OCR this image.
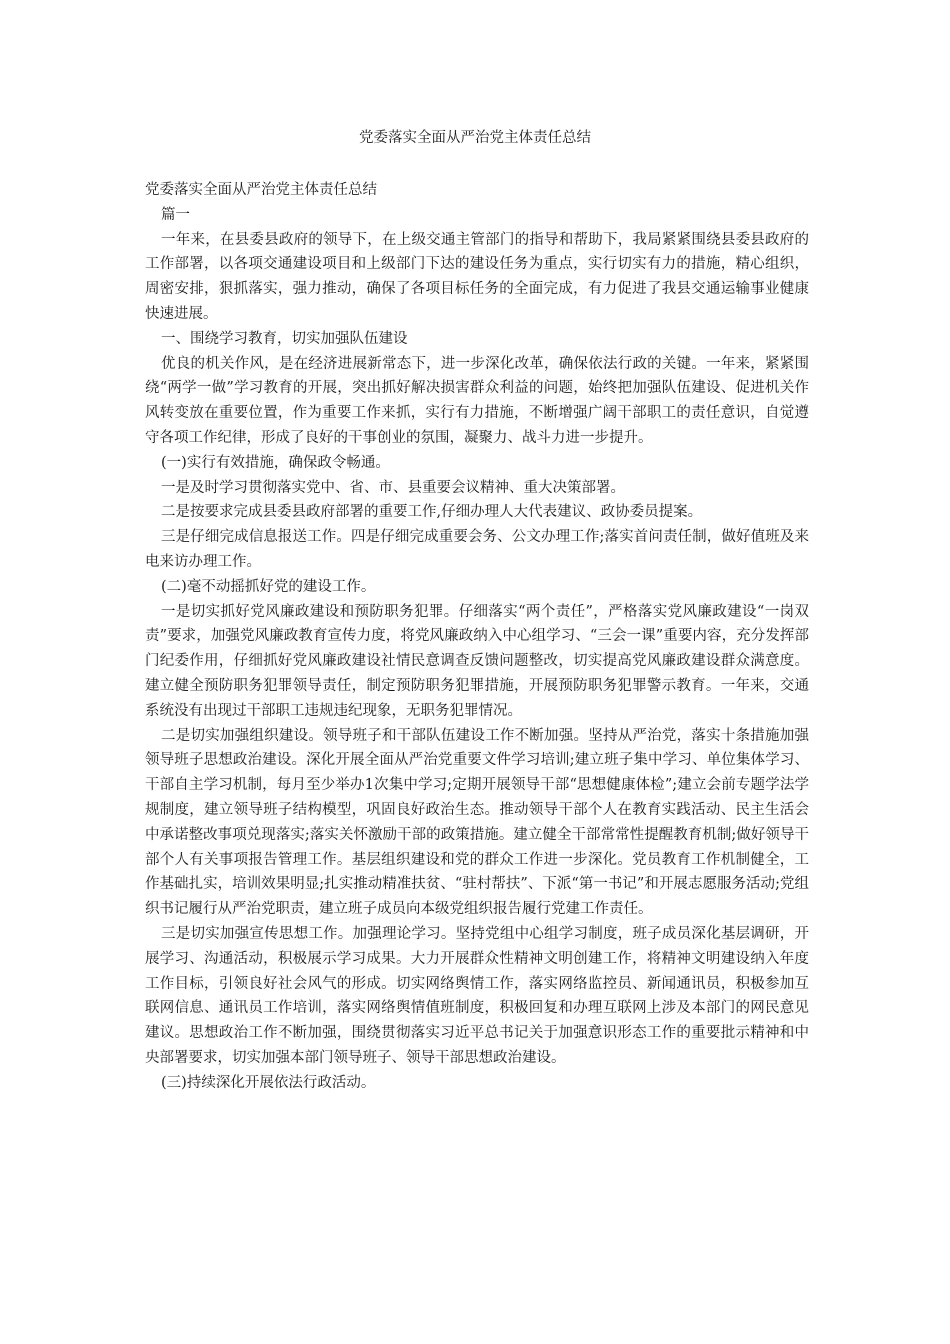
党委落实全面从严治党主体责任总结

党委落实全面从严治党主体责任总结

篇一

一年来，在县委县政府的领导下，在上级交通主管部门的指导和帮助下，我局紧紧围绕县委县政府的工作部署，以各项交通建设项目和上级部门下达的建设任务为重点，实行切实有力的措施，精心组织，周密安排，狠抓落实，强力推动，确保了各项目标任务的全面完成，有力促进了我县交通运输事业健康快速进展。

一、围绕学习教育，切实加强队伍建设

优良的机关作风，是在经济进展新常态下，进一步深化改革，确保依法行政的关键。一年来，紧紧围绕“两学一做”学习教育的开展，突出抓好解决损害群众利益的问题，始终把加强队伍建设、促进机关作风转变放在重要位置，作为重要工作来抓，实行有力措施，不断增强广阔干部职工的责任意识，自觉遵守各项工作纪律，形成了良好的干事创业的氛围，凝聚力、战斗力进一步提升。

(一)实行有效措施，确保政令畅通。

一是及时学习贯彻落实党中、省、市、县重要会议精神、重大决策部署。

二是按要求完成县委县政府部署的重要工作,仔细办理人大代表建议、政协委员提案。

三是仔细完成信息报送工作。四是仔细完成重要会务、公文办理工作;落实首问责任制，做好值班及来电来访办理工作。

(二)毫不动摇抓好党的建设工作。

一是切实抓好党风廉政建设和预防职务犯罪。仔细落实“两个责任”，严格落实党风廉政建设“一岗双责”要求，加强党风廉政教育宣传力度，将党风廉政纳入中心组学习、“三会一课”重要内容，充分发挥部门纪委作用，仔细抓好党风廉政建设社情民意调查反馈问题整改，切实提高党风廉政建设群众满意度。建立健全预防职务犯罪领导责任，制定预防职务犯罪措施，开展预防职务犯罪警示教育。一年来，交通系统没有出现过干部职工违规违纪现象，无职务犯罪情况。

二是切实加强组织建设。领导班子和干部队伍建设工作不断加强。坚持从严治党，落实十条措施加强领导班子思想政治建设。深化开展全面从严治党重要文件学习培训;建立班子集中学习、单位集体学习、干部自主学习机制，每月至少举办1次集中学习;定期开展领导干部“思想健康体检”;建立会前专题学法学规制度，建立领导班子结构模型，巩固良好政治生态。推动领导干部个人在教育实践活动、民主生活会中承诺整改事项兑现落实;落实关怀激励干部的政策措施。建立健全干部常常性提醒教育机制;做好领导干部个人有关事项报告管理工作。基层组织建设和党的群众工作进一步深化。党员教育工作机制健全，工作基础扎实，培训效果明显;扎实推动精准扶贫、“驻村帮扶”、下派“第一书记”和开展志愿服务活动;党组织书记履行从严治党职责，建立班子成员向本级党组织报告履行党建工作责任。

三是切实加强宣传思想工作。加强理论学习。坚持党组中心组学习制度，班子成员深化基层调研，开展学习、沟通活动，积极展示学习成果。大力开展群众性精神文明创建工作，将精神文明建设纳入年度工作目标，引领良好社会风气的形成。切实网络舆情工作，落实网络监控员、新闻通讯员，积极参加互联网信息、通讯员工作培训，落实网络舆情值班制度，积极回复和办理互联网上涉及本部门的网民意见建议。思想政治工作不断加强，围绕贯彻落实习近平总书记关于加强意识形态工作的重要批示精神和中央部署要求，切实加强本部门领导班子、领导干部思想政治建设。

(三)持续深化开展依法行政活动。
